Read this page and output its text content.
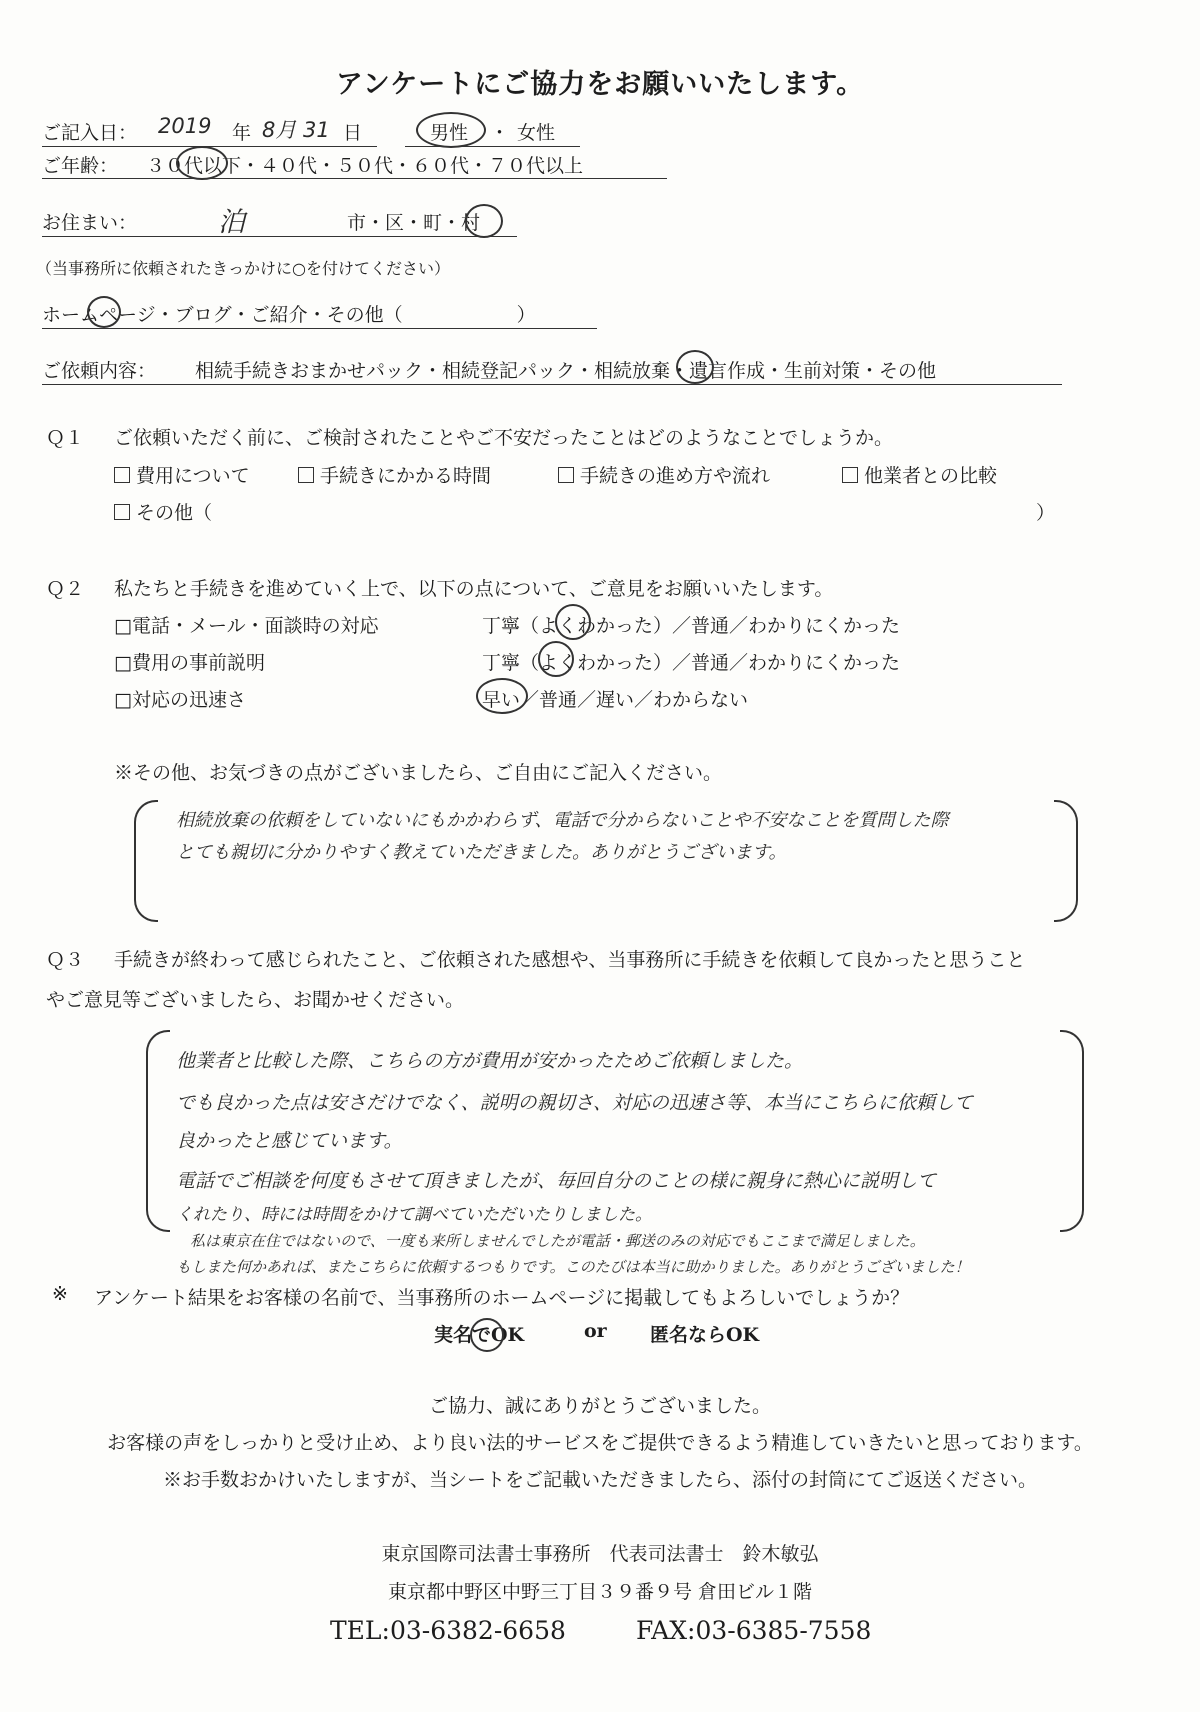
アンケートにご協力をお願いいたします。
ご記入日： 2019 年 8月 31 日	男性 ・ 女性
ご年齢： ３０代以下・４０代・５０代・６０代・７０代以上
お住まい：	泊	市・区・町・村
（当事務所に依頼されたきっかけに○を付けてください）
ホームページ・ブログ・ご紹介・その他（　　　　　　）
ご依頼内容： 相続手続きおまかせパック・相続登記パック・相続放棄・遺言作成・生前対策・その他
Ｑ１ ご依頼いただく前に、ご検討されたことやご不安だったことはどのようなことでしょうか。
費用について	手続きにかかる時間	手続きの進め方や流れ	他業者との比較
その他（	）
Ｑ２ 私たちと手続きを進めていく上で、以下の点について、ご意見をお願いいたします。
□電話・メール・面談時の対応	丁寧（よくわかった）／普通／わかりにくかった
□費用の事前説明	丁寧（よくわかった）／普通／わかりにくかった
□対応の迅速さ	早い／普通／遅い／わからない
※その他、お気づきの点がございましたら、ご自由にご記入ください。
相続放棄の依頼をしていないにもかかわらず、電話で分からないことや不安なことを質問した際
とても親切に分かりやすく教えていただきました。ありがとうございます。
Ｑ３ 手続きが終わって感じられたこと、ご依頼された感想や、当事務所に手続きを依頼して良かったと思うこと
やご意見等ございましたら、お聞かせください。
他業者と比較した際、こちらの方が費用が安かったためご依頼しました。
でも良かった点は安さだけでなく、説明の親切さ、対応の迅速さ等、本当にこちらに依頼して
良かったと感じています。
電話でご相談を何度もさせて頂きましたが、毎回自分のことの様に親身に熱心に説明して
くれたり、時には時間をかけて調べていただいたりしました。
私は東京在住ではないので、一度も来所しませんでしたが電話・郵送のみの対応でもここまで満足しました。
もしまた何かあれば、またこちらに依頼するつもりです。このたびは本当に助かりました。ありがとうございました！
※ アンケート結果をお客様の名前で、当事務所のホームページに掲載してもよろしいでしょうか？
実名でOK	or 匿名ならOK
ご協力、誠にありがとうございました。
お客様の声をしっかりと受け止め、より良い法的サービスをご提供できるよう精進していきたいと思っております。
※お手数おかけいたしますが、当シートをご記載いただきましたら、添付の封筒にてご返送ください。
東京国際司法書士事務所　代表司法書士　鈴木敏弘
東京都中野区中野三丁目３９番９号 倉田ビル１階
TEL:03-6382-6658	FAX:03-6385-7558
